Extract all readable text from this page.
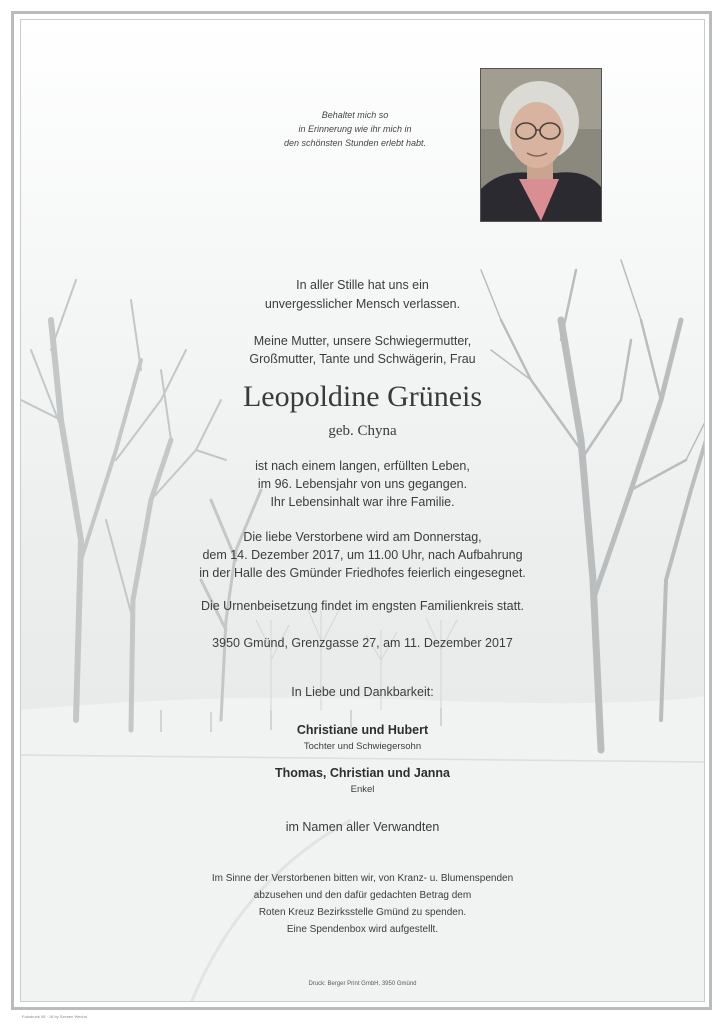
Behaltet mich so
in Erinnerung wie ihr mich in
den schönsten Stunden erlebt habt.
In aller Stille hat uns ein
unvergesslicher Mensch verlassen.
Meine Mutter, unsere Schwiegermutter,
Großmutter, Tante und Schwägerin, Frau
Leopoldine Grüneis
geb. Chyna
ist nach einem langen, erfüllten Leben,
im 96. Lebensjahr von uns gegangen.
Ihr Lebensinhalt war ihre Familie.
Die liebe Verstorbene wird am Donnerstag,
dem 14. Dezember 2017, um 11.00 Uhr, nach Aufbahrung
in der Halle des Gmünder Friedhofes feierlich eingesegnet.
Die Urnenbeisetzung findet im engsten Familienkreis statt.
3950 Gmünd, Grenzgasse 27, am 11. Dezember 2017
In Liebe und Dankbarkeit:
Christiane und Hubert
Tochter und Schwiegersohn
Thomas, Christian und Janna
Enkel
im Namen aller Verwandten
Im Sinne der Verstorbenen bitten wir, von Kranz- u. Blumenspenden
abzusehen und den dafür gedachten Betrag dem
Roten Kreuz Bezirksstelle Gmünd zu spenden.
Eine Spendenbox wird aufgestellt.
Druck: Berger Print GmbH, 3950 Gmünd
Fotodruck 08 · 18 by Szenen Wecha
